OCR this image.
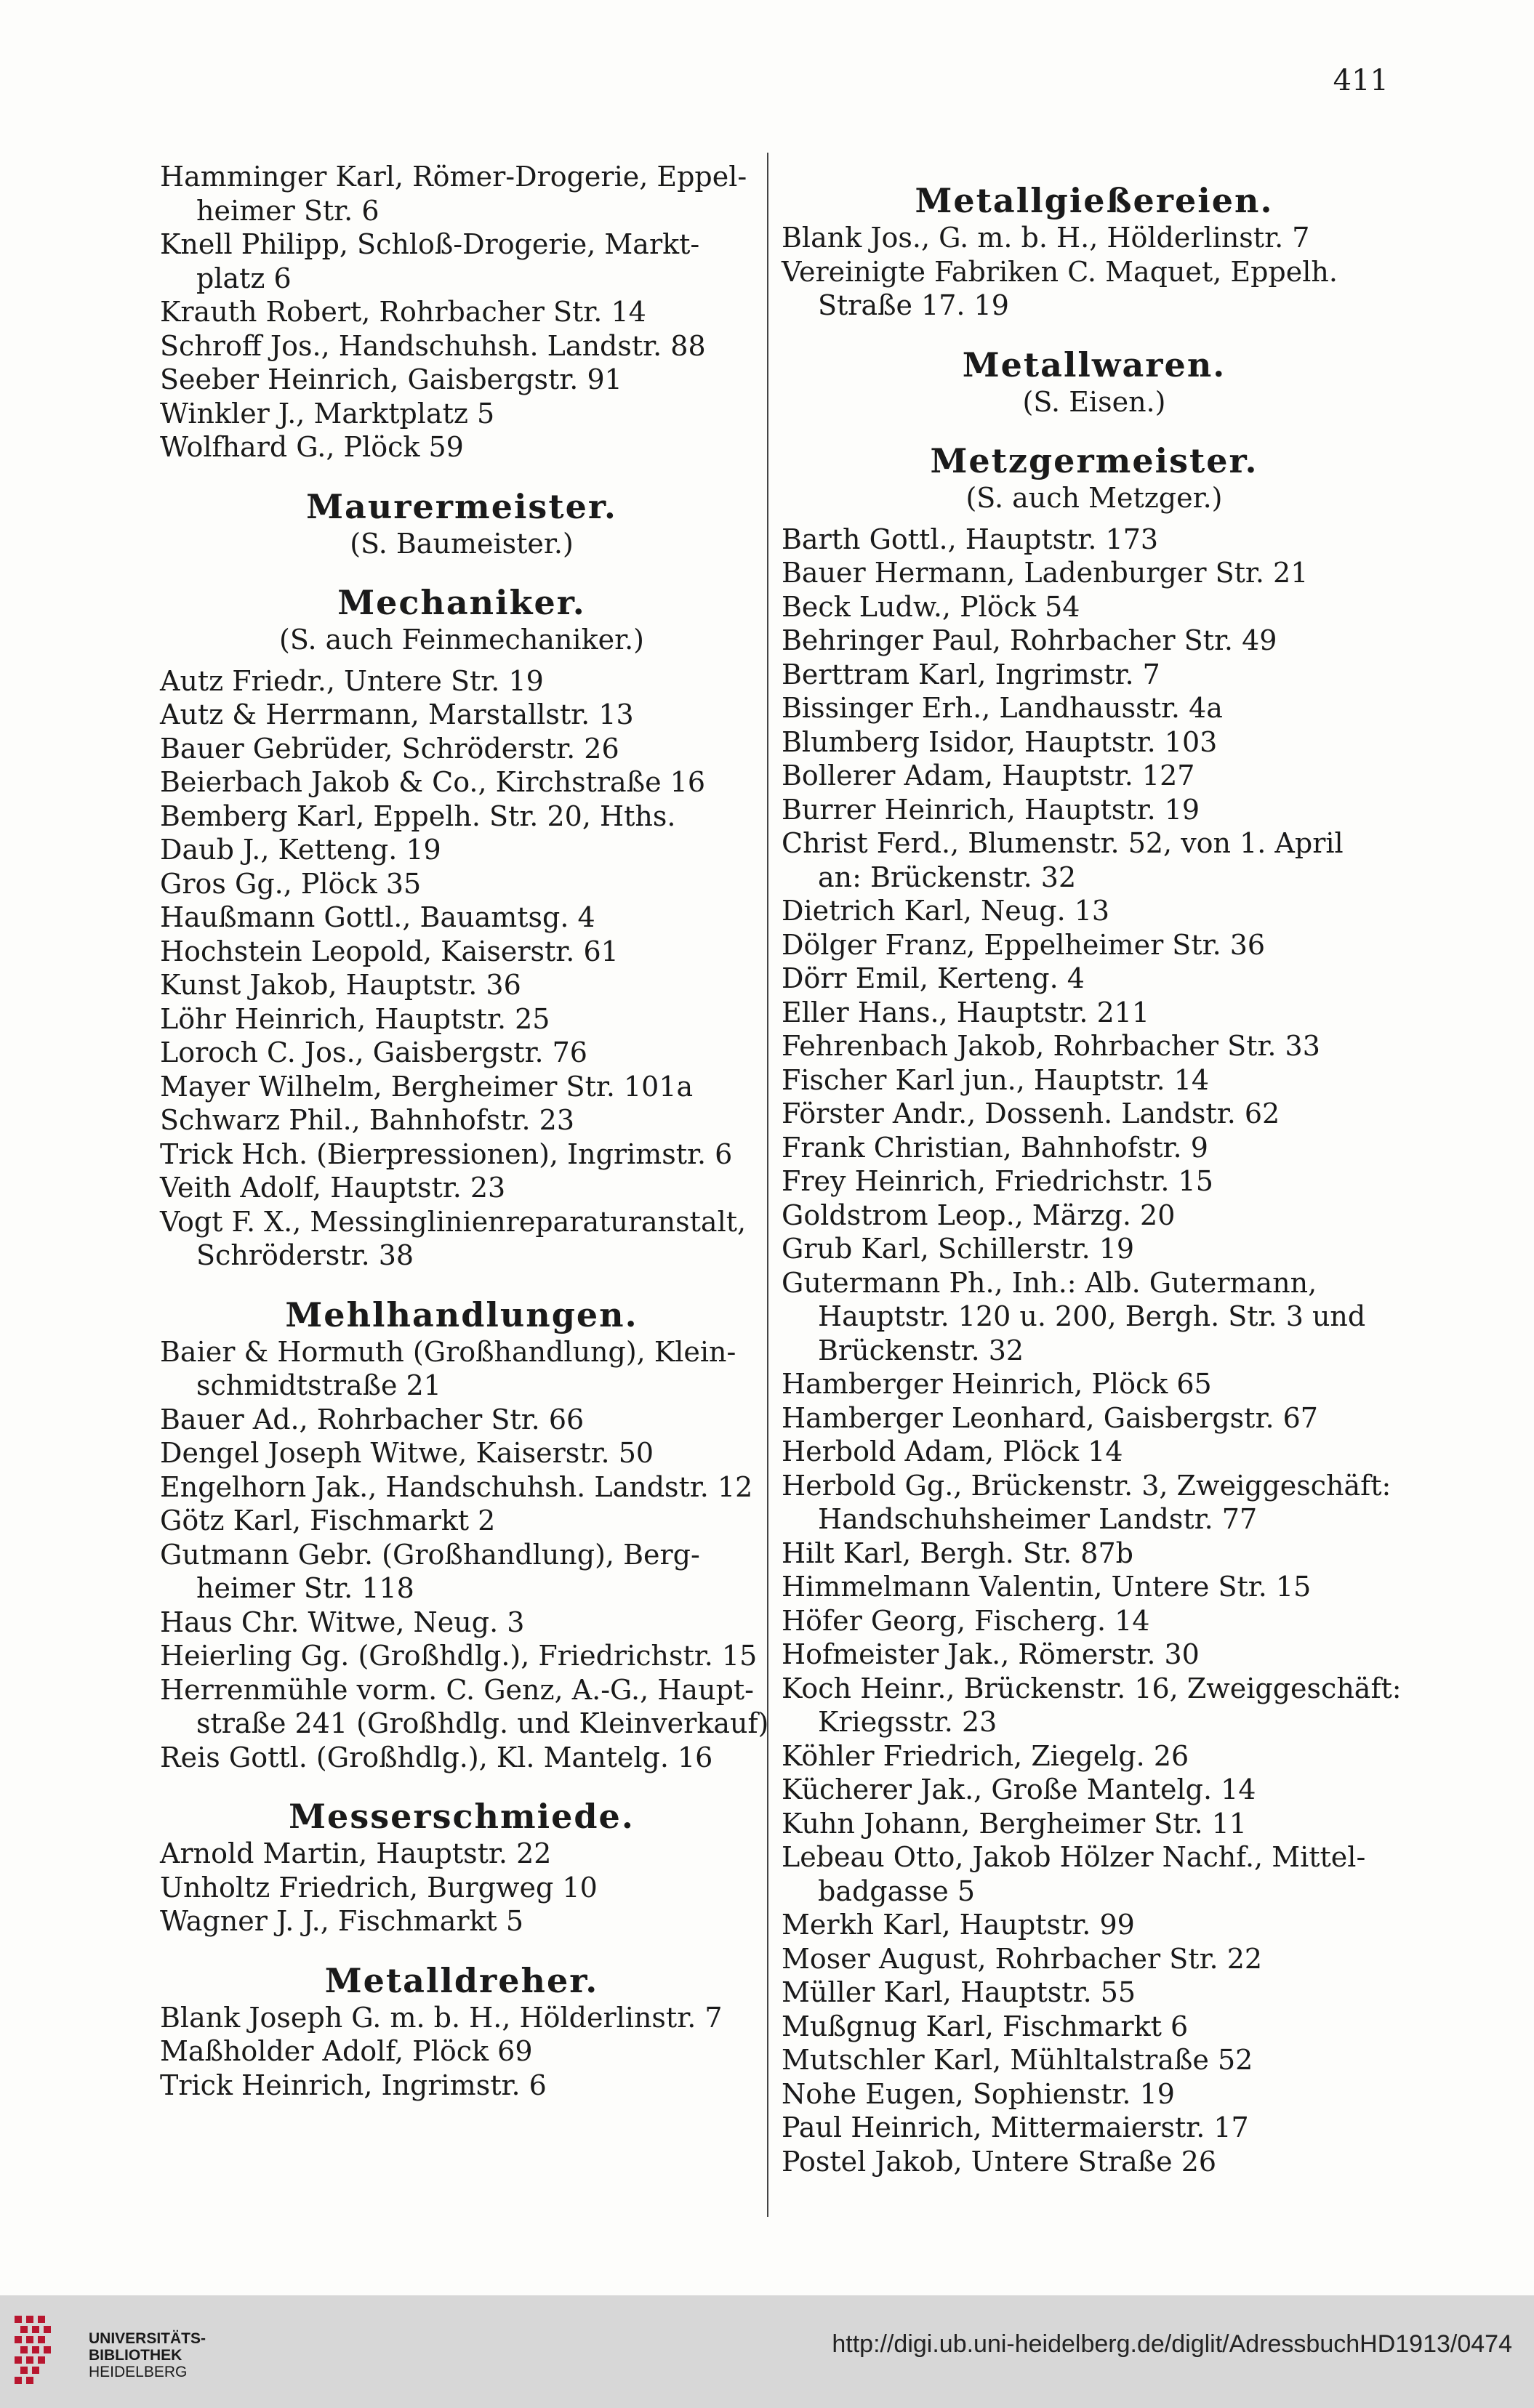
411
Hamminger Karl, Römer-Drogerie, Eppel-
heimer Str. 6
Knell Philipp, Schloß-Drogerie, Markt-
platz 6
Krauth Robert, Rohrbacher Str. 14
Schroff Jos., Handschuhsh. Landstr. 88
Seeber Heinrich, Gaisbergstr. 91
Winkler J., Marktplatz 5
Wolfhard G., Plöck 59
Maurermeister.
(S. Baumeister.)
Mechaniker.
(S. auch Feinmechaniker.)
Autz Friedr., Untere Str. 19
Autz & Herrmann, Marstallstr. 13
Bauer Gebrüder, Schröderstr. 26
Beierbach Jakob & Co., Kirchstraße 16
Bemberg Karl, Eppelh. Str. 20, Hths.
Daub J., Ketteng. 19
Gros Gg., Plöck 35
Haußmann Gottl., Bauamtsg. 4
Hochstein Leopold, Kaiserstr. 61
Kunst Jakob, Hauptstr. 36
Löhr Heinrich, Hauptstr. 25
Loroch C. Jos., Gaisbergstr. 76
Mayer Wilhelm, Bergheimer Str. 101a
Schwarz Phil., Bahnhofstr. 23
Trick Hch. (Bierpressionen), Ingrimstr. 6
Veith Adolf, Hauptstr. 23
Vogt F. X., Messinglinienreparaturanstalt,
Schröderstr. 38
Mehlhandlungen.
Baier & Hormuth (Großhandlung), Klein-
schmidtstraße 21
Bauer Ad., Rohrbacher Str. 66
Dengel Joseph Witwe, Kaiserstr. 50
Engelhorn Jak., Handschuhsh. Landstr. 12
Götz Karl, Fischmarkt 2
Gutmann Gebr. (Großhandlung), Berg-
heimer Str. 118
Haus Chr. Witwe, Neug. 3
Heierling Gg. (Großhdlg.), Friedrichstr. 15
Herrenmühle vorm. C. Genz, A.-G., Haupt-
straße 241 (Großhdlg. und Kleinverkauf)
Reis Gottl. (Großhdlg.), Kl. Mantelg. 16
Messerschmiede.
Arnold Martin, Hauptstr. 22
Unholtz Friedrich, Burgweg 10
Wagner J. J., Fischmarkt 5
Metalldreher.
Blank Joseph G. m. b. H., Hölderlinstr. 7
Maßholder Adolf, Plöck 69
Trick Heinrich, Ingrimstr. 6
Metallgießereien.
Blank Jos., G. m. b. H., Hölderlinstr. 7
Vereinigte Fabriken C. Maquet, Eppelh.
Straße 17. 19
Metallwaren.
(S. Eisen.)
Metzgermeister.
(S. auch Metzger.)
Barth Gottl., Hauptstr. 173
Bauer Hermann, Ladenburger Str. 21
Beck Ludw., Plöck 54
Behringer Paul, Rohrbacher Str. 49
Berttram Karl, Ingrimstr. 7
Bissinger Erh., Landhausstr. 4a
Blumberg Isidor, Hauptstr. 103
Bollerer Adam, Hauptstr. 127
Burrer Heinrich, Hauptstr. 19
Christ Ferd., Blumenstr. 52, von 1. April
an: Brückenstr. 32
Dietrich Karl, Neug. 13
Dölger Franz, Eppelheimer Str. 36
Dörr Emil, Kerteng. 4
Eller Hans., Hauptstr. 211
Fehrenbach Jakob, Rohrbacher Str. 33
Fischer Karl jun., Hauptstr. 14
Förster Andr., Dossenh. Landstr. 62
Frank Christian, Bahnhofstr. 9
Frey Heinrich, Friedrichstr. 15
Goldstrom Leop., Märzg. 20
Grub Karl, Schillerstr. 19
Gutermann Ph., Inh.: Alb. Gutermann,
Hauptstr. 120 u. 200, Bergh. Str. 3 und
Brückenstr. 32
Hamberger Heinrich, Plöck 65
Hamberger Leonhard, Gaisbergstr. 67
Herbold Adam, Plöck 14
Herbold Gg., Brückenstr. 3, Zweiggeschäft:
Handschuhsheimer Landstr. 77
Hilt Karl, Bergh. Str. 87b
Himmelmann Valentin, Untere Str. 15
Höfer Georg, Fischerg. 14
Hofmeister Jak., Römerstr. 30
Koch Heinr., Brückenstr. 16, Zweiggeschäft:
Kriegsstr. 23
Köhler Friedrich, Ziegelg. 26
Kücherer Jak., Große Mantelg. 14
Kuhn Johann, Bergheimer Str. 11
Lebeau Otto, Jakob Hölzer Nachf., Mittel-
badgasse 5
Merkh Karl, Hauptstr. 99
Moser August, Rohrbacher Str. 22
Müller Karl, Hauptstr. 55
Mußgnug Karl, Fischmarkt 6
Mutschler Karl, Mühltalstraße 52
Nohe Eugen, Sophienstr. 19
Paul Heinrich, Mittermaierstr. 17
Postel Jakob, Untere Straße 26
UNIVERSITÄTS-
BIBLIOTHEK
HEIDELBERG
http://digi.ub.uni-heidelberg.de/diglit/AdressbuchHD1913/0474
